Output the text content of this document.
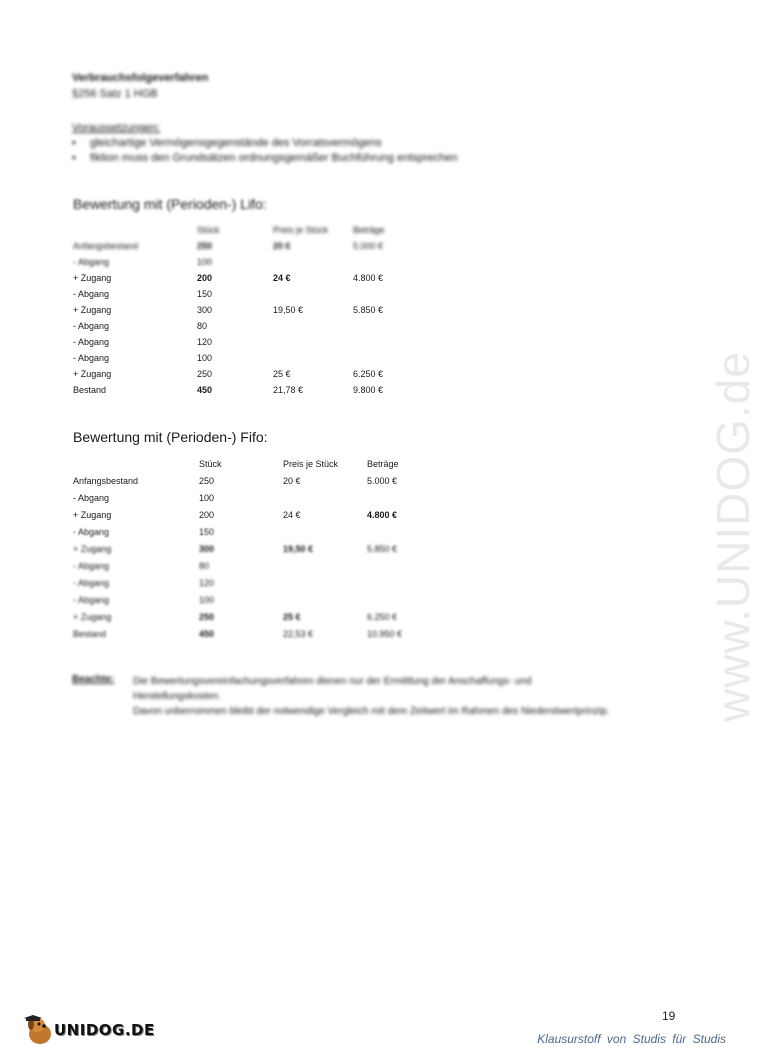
Verbrauchsfolgeverfahren
§256 Satz 1 HGB
Voraussetzungen:
▪	gleichartige Vermögensgegenstände des Vorratsvermögens
▪	fiktion muss den Grundsätzen ordnungsgemäßer Buchführung entsprechen
Bewertung mit (Perioden-) Lifo:
Stück	Preis je Stück	Beträge
Anfangsbestand	250	20 €	5.000 €
- Abgang	100
+ Zugang	200	24 €	4.800 €
- Abgang	150
+ Zugang	300	19,50 €	5.850 €
- Abgang	80
- Abgang	120
- Abgang	100
+ Zugang	250	25 €	6.250 €
Bestand	450	21,78 €	9.800 €
Bewertung mit (Perioden-) Fifo:
Stück	Preis je Stück	Beträge
Anfangsbestand	250	20 €	5.000 €
- Abgang	100
+ Zugang	200	24 €	4.800 €
- Abgang	150
+ Zugang	300	19,50 €	5.850 €
- Abgang	80
- Abgang	120
- Abgang	100
+ Zugang	250	25 €	6.250 €
Bestand	450	22,53 €	10.950 €
Beachte: Die Bewertungsvereinfachungsverfahren dienen nur der Ermittlung der Anschaffungs- und
Herstellungskosten.
Davon unberrommen bleibt der notwendige Vergleich mit dem Zeitwert im Rahmen des Niederstwertprinzip.	www.UNIDOG.de
UNIDOG.DE
19
Klausurstoff von Studis für Studis
